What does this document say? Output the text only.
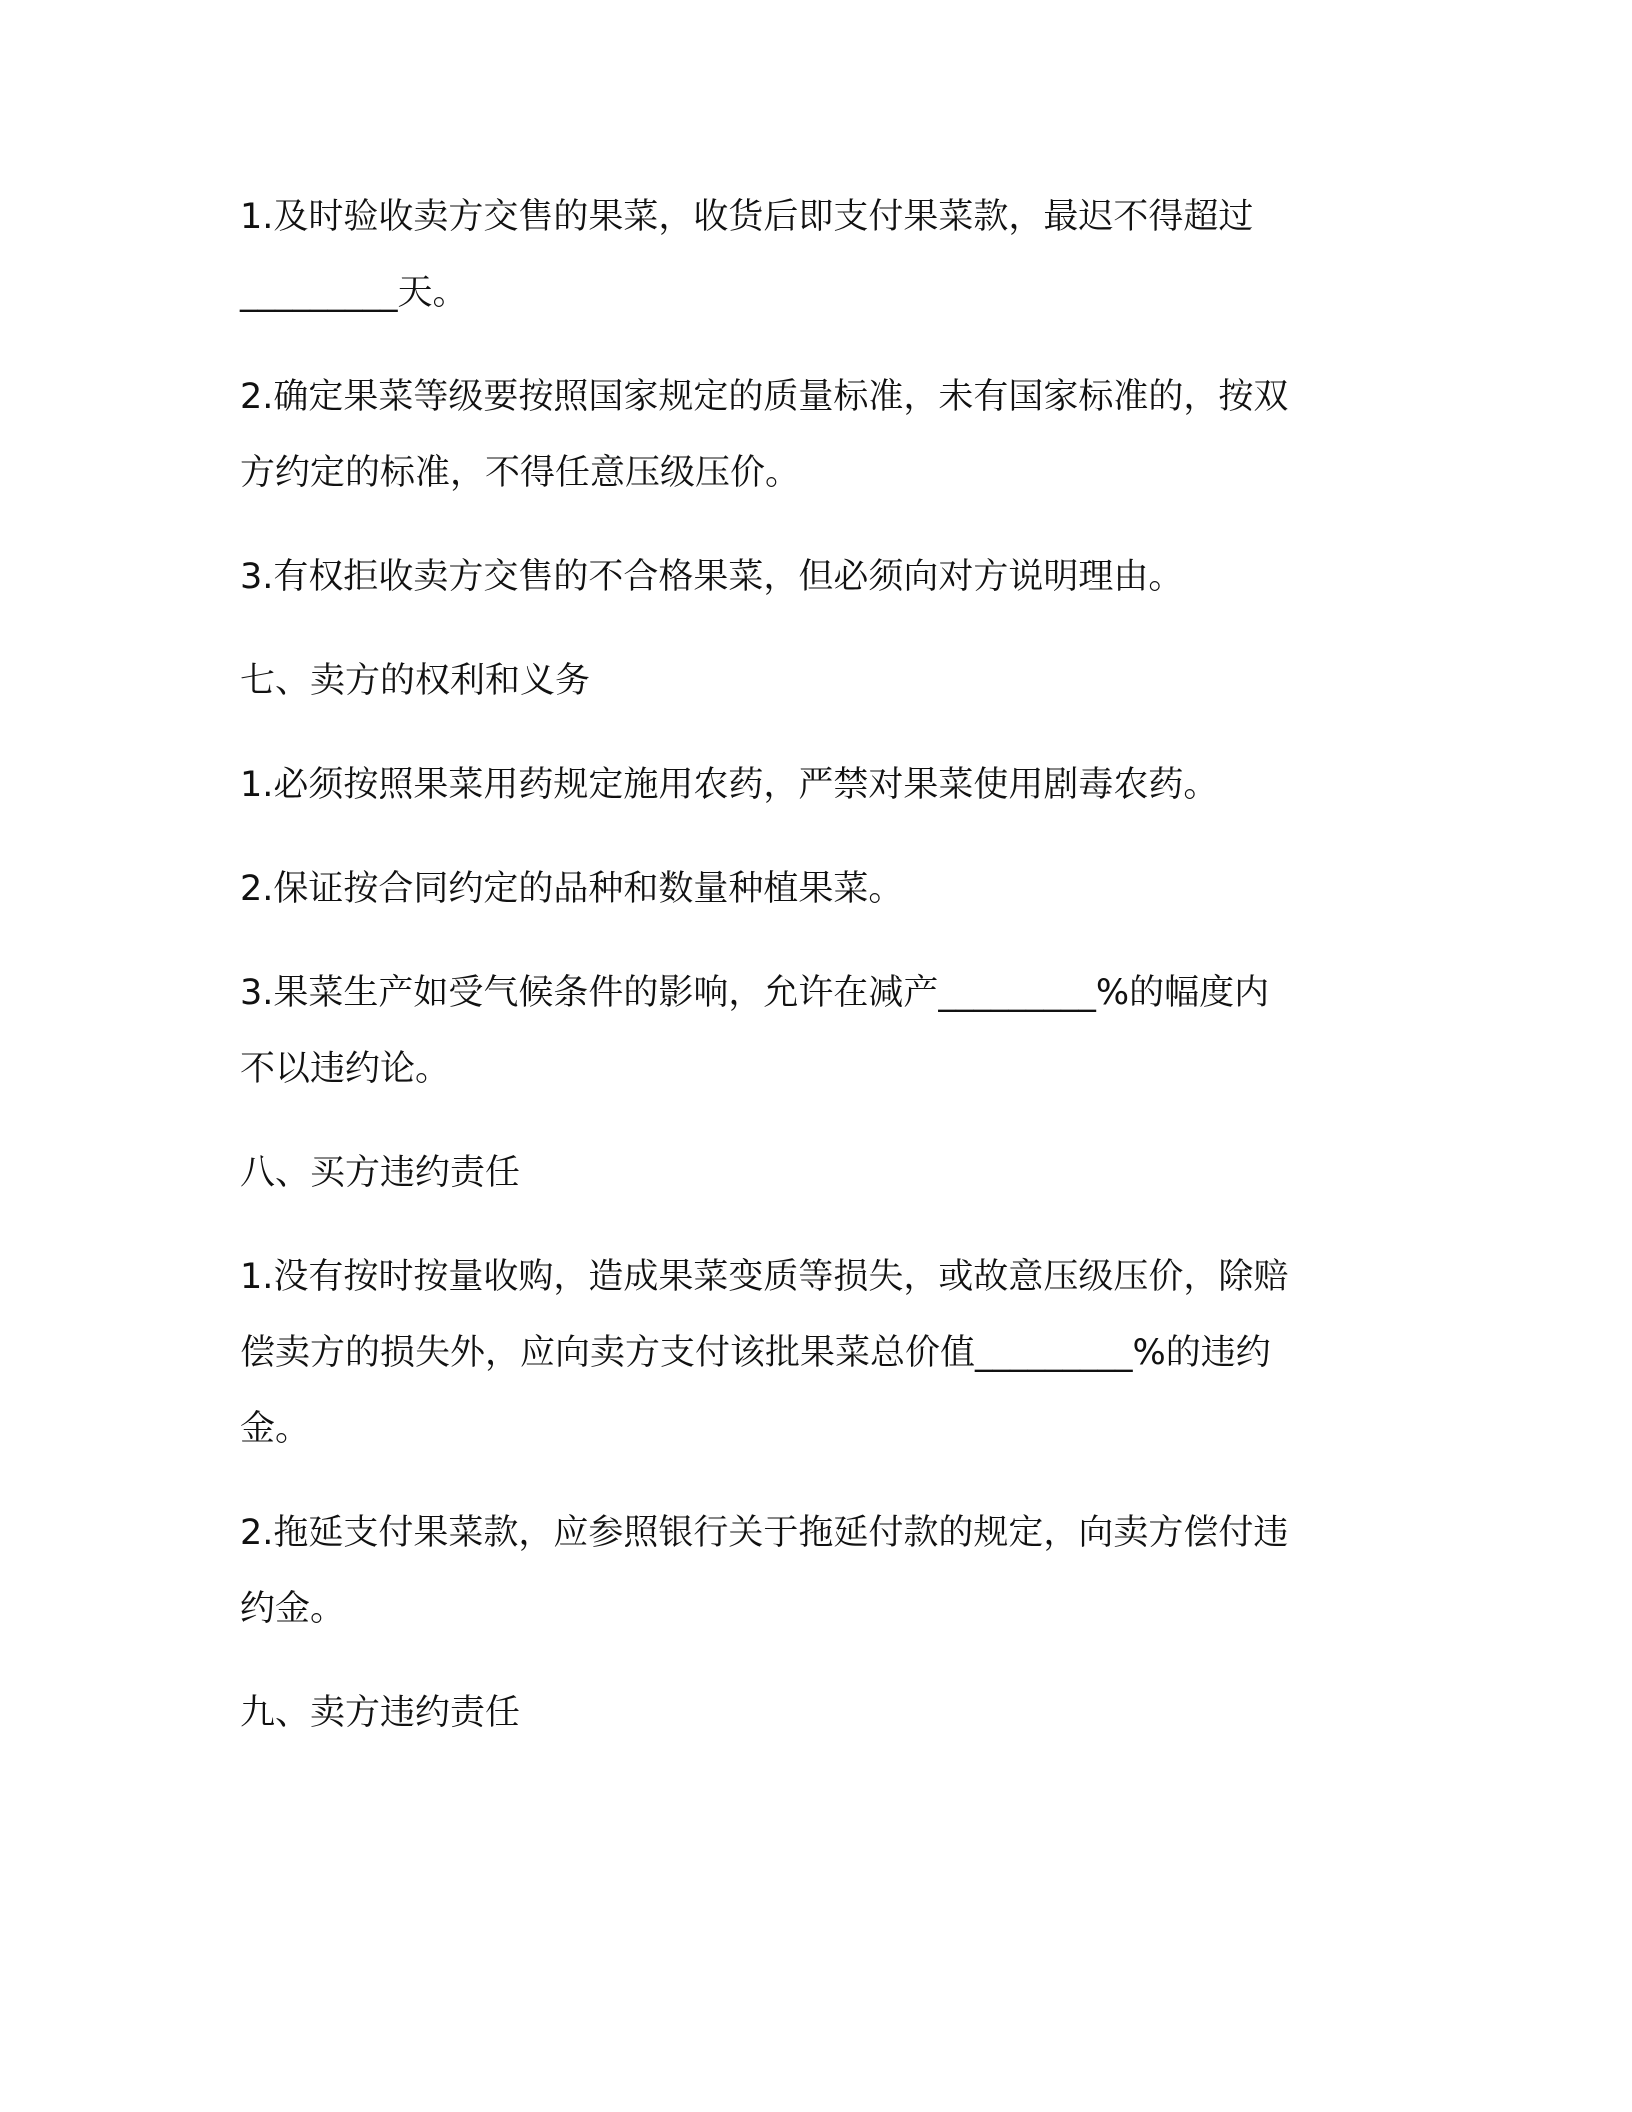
1.及时验收卖方交售的果菜，收货后即支付果菜款，最迟不得超过
_________天。
2.确定果菜等级要按照国家规定的质量标准，未有国家标准的，按双
方约定的标准，不得任意压级压价。
3.有权拒收卖方交售的不合格果菜，但必须向对方说明理由。
七、卖方的权利和义务
1.必须按照果菜用药规定施用农药，严禁对果菜使用剧毒农药。
2.保证按合同约定的品种和数量种植果菜。
3.果菜生产如受气候条件的影响，允许在减产_________%的幅度内
不以违约论。
八、买方违约责任
1.没有按时按量收购，造成果菜变质等损失，或故意压级压价，除赔
偿卖方的损失外，应向卖方支付该批果菜总价值_________%的违约
金。
2.拖延支付果菜款，应参照银行关于拖延付款的规定，向卖方偿付违
约金。
九、卖方违约责任
